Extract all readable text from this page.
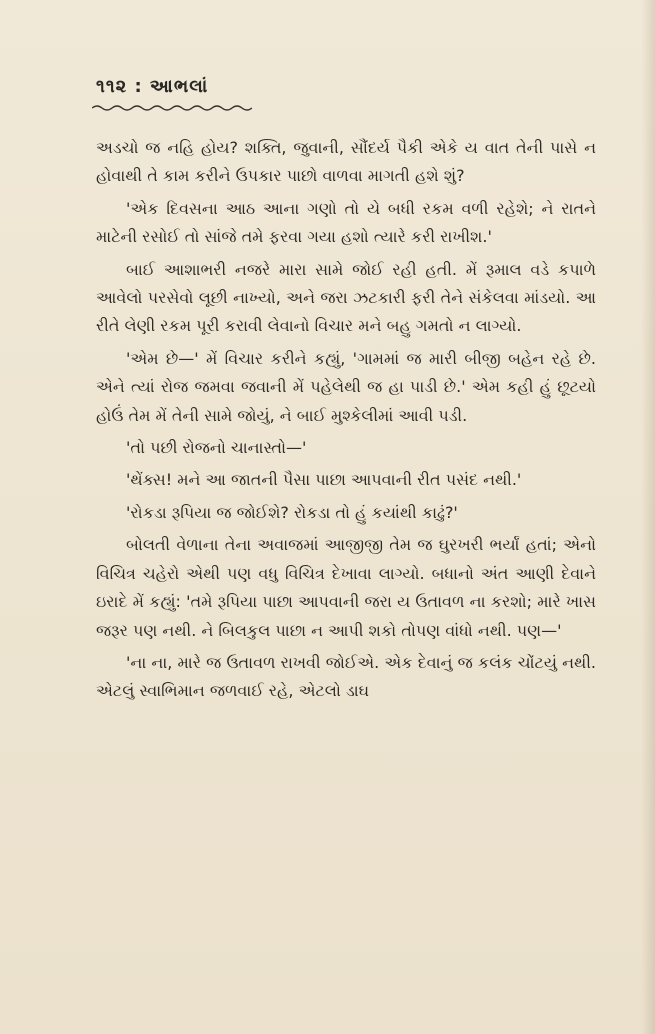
૧૧૨ : આભલાં

અડચો જ નહિ હોય? શક્તિ, જુવાની, સૌંદર્ય પૈકી એકે ય વાત તેની પાસે ન હોવાથી તે કામ કરીને ઉપકાર પાછો વાળવા માગતી હશે શું?

'એક દિવસના આઠ આના ગણો તો યે બધી રકમ વળી રહેશે; ને રાતને માટેની રસોઈ તો સાંજે તમે ફરવા ગયા હશો ત્યારે કરી રાખીશ.'

બાઈ આશાભરી નજરે મારા સામે જોઈ રહી હતી. મેં રૂમાલ વડે કપાળે આવેલો પરસેવો લૂછી નાખ્યો, અને જરા ઝટકારી ફરી તેને સંકેલવા માંડયો. આ રીતે લેણી રકમ પૂરી કરાવી લેવાનો વિચાર મને બહુ ગમતો ન લાગ્યો.

'એમ છે—' મેં વિચાર કરીને કહ્યું, 'ગામમાં જ મારી બીજી બહેન રહે છે. એને ત્યાં રોજ જમવા જવાની મેં પહેલેથી જ હા પાડી છે.' એમ કહી હું છૂટયો હોઉં તેમ મેં તેની સામે જોયું, ને બાઈ મુશ્કેલીમાં આવી પડી.

'તો પછી રોજનો ચાનાસ્તો—'

'થેંક્સ! મને આ જાતની પૈસા પાછા આપવાની રીત પસંદ નથી.'

'રોકડા રૂપિયા જ જોઈશે? રોકડા તો હું કયાંથી કાઢું?'

બોલતી વેળાના તેના અવાજમાં આજીજી તેમ જ ઘુરખરી ભર્યાં હતાં; એનો વિચિત્ર ચહેરો એથી પણ વધુ વિચિત્ર દેખાવા લાગ્યો. બધાનો અંત આણી દેવાને ઇરાદે મેં કહ્યું: 'તમે રૂપિયા પાછા આપવાની જરા ય ઉતાવળ ના કરશો; મારે ખાસ જરૂર પણ નથી. ને બિલકુલ પાછા ન આપી શકો તોપણ વાંધો નથી. પણ—'

'ના ના, મારે જ ઉતાવળ રાખવી જોઈએ. એક દેવાનું જ કલંક ચોંટયું નથી. એટલું સ્વાભિમાન જળવાઈ રહે, એટલો ડાઘ
